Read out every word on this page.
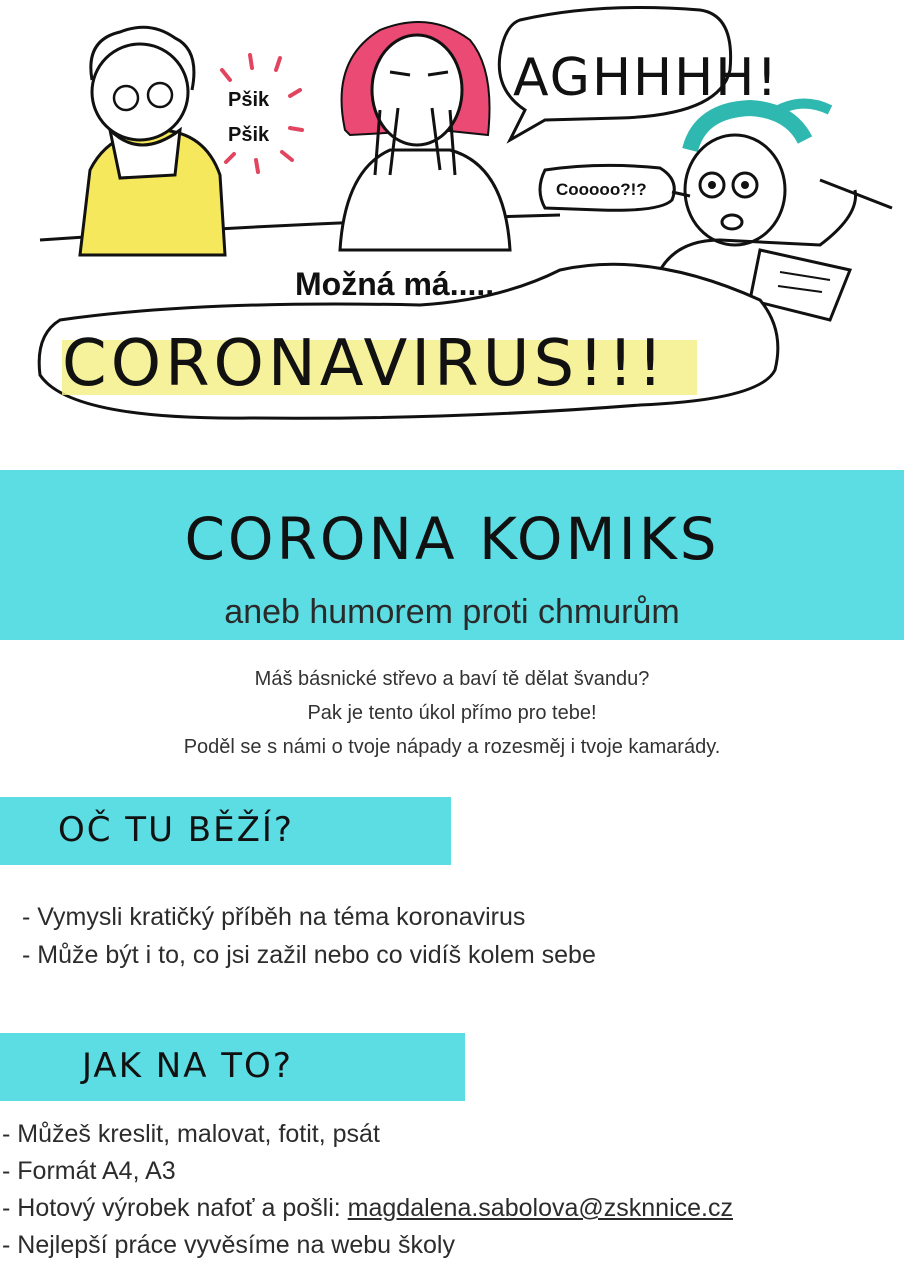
Pšik
Pšik
AGHHHH!
Cooooo?!?
Možná má.....
CORONAVIRUS!!!
CORONA KOMIKS
aneb humorem proti chmurům
Máš básnické střevo a baví tě dělat švandu?
Pak je tento úkol přímo pro tebe!
Poděl se s námi o tvoje nápady a rozesměj i tvoje kamarády.
OČ TU BĚŽÍ?
- Vymysli kratičký příběh na téma koronavirus
- Může být i to, co jsi zažil nebo co vidíš kolem sebe
JAK NA TO?
- Můžeš kreslit, malovat, fotit, psát
- Formát A4, A3
- Hotový výrobek nafoť a pošli: magdalena.sabolova@zsknnice.cz
- Nejlepší práce vyvěsíme na webu školy
